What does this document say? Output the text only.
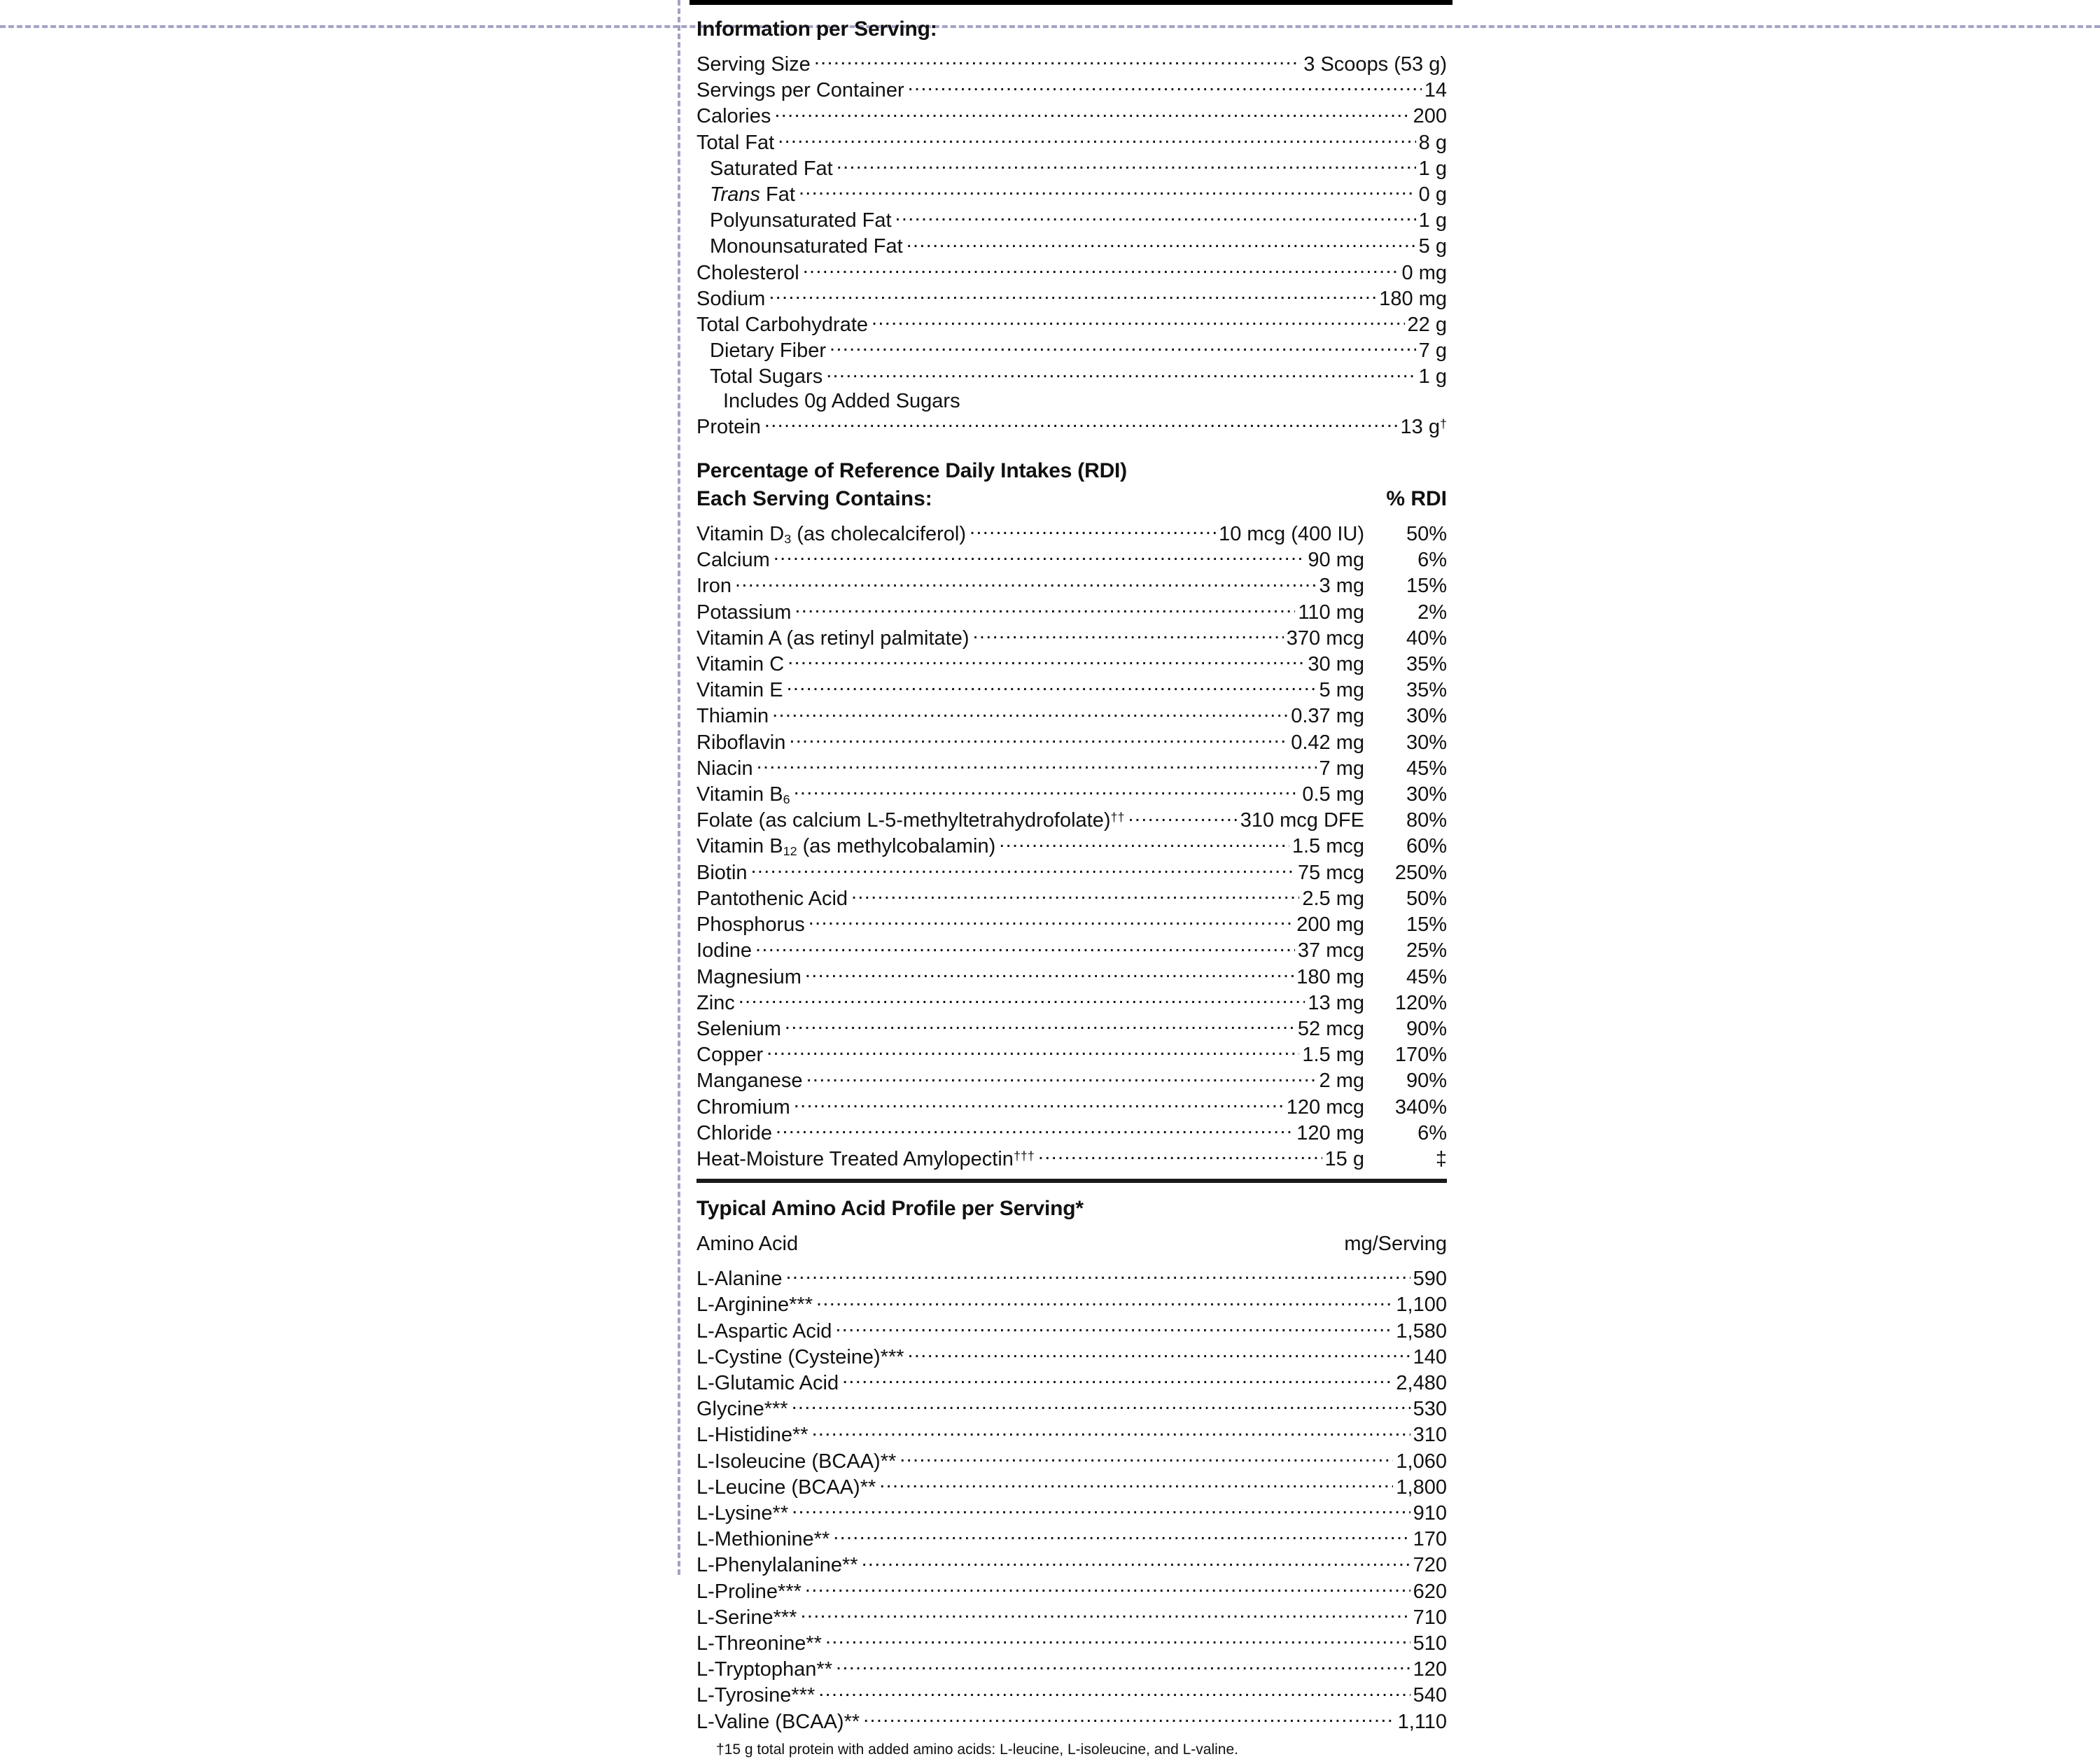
Information per Serving:
Serving Size .....	3 Scoops (53 g)
Servings per Container .....	14
Calories .....	200
Total Fat .....	8 g
Saturated Fat .....	1 g
Trans Fat .....	0 g
Polyunsaturated Fat .....	1 g
Monounsaturated Fat .....	5 g
Cholesterol .....	0 mg
Sodium .....	180 mg
Total Carbohydrate .....	22 g
Dietary Fiber .....	7 g
Total Sugars .....	1 g
Includes 0g Added Sugars
Protein .....	13 g†
Percentage of Reference Daily Intakes (RDI)
Each Serving Contains:	% RDI
Vitamin $D_3$ (as cholecalciferol) .....	10 mcg (400 IU)	50%
Calcium .....	90 mg	6%
Iron .....	3 mg	15%
Potassium .....	110 mg	2%
Vitamin A (as retinyl palmitate) .....	370 mcg	40%
Vitamin C .....	30 mg	35%
Vitamin E .....	5 mg	35%
Thiamin .....	0.37 mg	30%
Riboflavin .....	0.42 mg	30%
Niacin .....	7 mg	45%
Vitamin $B_6$ .....	0.5 mg	30%
Folate (as calcium L-5-methyltetrahydrofolate)†† .....	310 mcg DFE	80%
Vitamin $B_{12}$ (as methylcobalamin) .....	1.5 mcg	60%
Biotin .....	75 mcg	250%
Pantothenic Acid .....	2.5 mg	50%
Phosphorus .....	200 mg	15%
Iodine .....	37 mcg	25%
Magnesium .....	180 mg	45%
Zinc .....	13 mg	120%
Selenium .....	52 mcg	90%
Copper .....	1.5 mg	170%
Manganese .....	2 mg	90%
Chromium .....	120 mcg	340%
Chloride .....	120 mg	6%
Heat-Moisture Treated Amylopectin††† .....	15 g	‡
Typical Amino Acid Profile per Serving*
Amino Acid	mg/Serving
L-Alanine .....	590
L-Arginine*** .....	1,100
L-Aspartic Acid .....	1,580
L-Cystine (Cysteine)*** .....	140
L-Glutamic Acid .....	2,480
Glycine*** .....	530
L-Histidine** .....	310
L-Isoleucine (BCAA)** .....	1,060
L-Leucine (BCAA)** .....	1,800
L-Lysine** .....	910
L-Methionine** .....	170
L-Phenylalanine** .....	720
L-Proline*** .....	620
L-Serine*** .....	710
L-Threonine** .....	510
L-Tryptophan** .....	120
L-Tyrosine*** .....	540
L-Valine (BCAA)** .....	1,110
†15 g total protein with added amino acids: L-leucine, L-isoleucine, and L-valine.
